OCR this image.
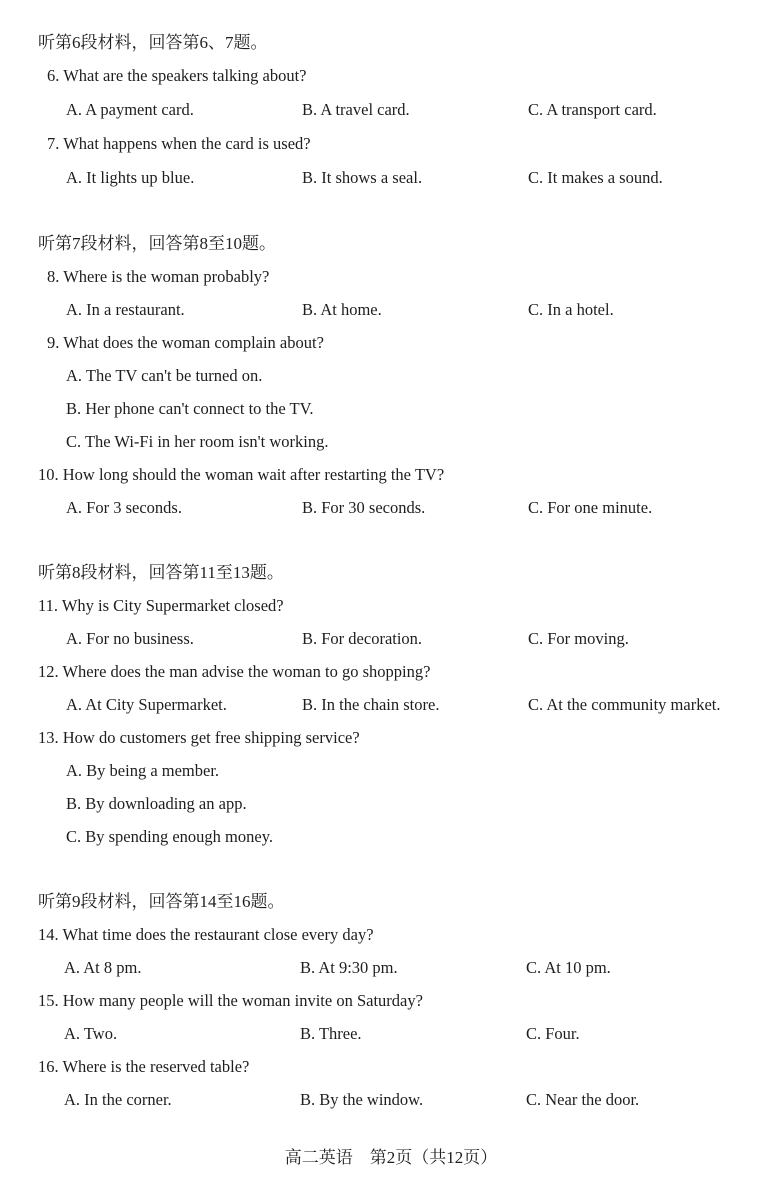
听第6段材料，回答第6、7题。
6. What are the speakers talking about?
A. A payment card.	B. A travel card.	C. A transport card.
7. What happens when the card is used?
A. It lights up blue.	B. It shows a seal.	C. It makes a sound.
听第7段材料，回答第8至10题。
8. Where is the woman probably?
A. In a restaurant.	B. At home.	C. In a hotel.
9. What does the woman complain about?
A. The TV can't be turned on.
B. Her phone can't connect to the TV.
C. The Wi-Fi in her room isn't working.
10. How long should the woman wait after restarting the TV?
A. For 3 seconds.	B. For 30 seconds.	C. For one minute.
听第8段材料，回答第11至13题。
11. Why is City Supermarket closed?
A. For no business.	B. For decoration.	C. For moving.
12. Where does the man advise the woman to go shopping?
A. At City Supermarket.	B. In the chain store.	C. At the community market.
13. How do customers get free shipping service?
A. By being a member.
B. By downloading an app.
C. By spending enough money.
听第9段材料，回答第14至16题。
14. What time does the restaurant close every day?
A. At 8 pm.	B. At 9:30 pm.	C. At 10 pm.
15. How many people will the woman invite on Saturday?
A. Two.	B. Three.	C. Four.
16. Where is the reserved table?
A. In the corner.	B. By the window.	C. Near the door.
高二英语　第2页（共12页）
